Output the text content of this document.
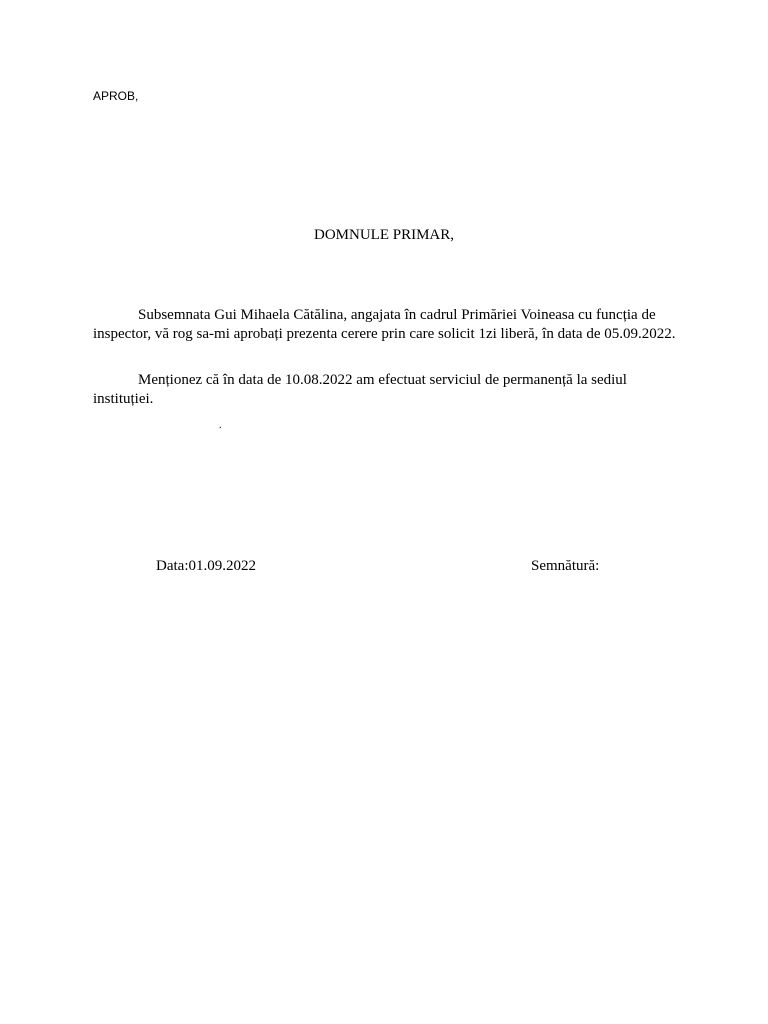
APROB,
DOMNULE PRIMAR,

Subsemnata Gui Mihaela Cătălina, angajata în cadrul Primăriei Voineasa cu funcția de inspector, vă rog sa-mi aprobați prezenta cerere prin care solicit 1zi liberă, în data de 05.09.2022.

Menționez că în data de 10.08.2022 am efectuat serviciul de permanență la sediul instituției.

.
Data:01.09.2022	Semnătură:
